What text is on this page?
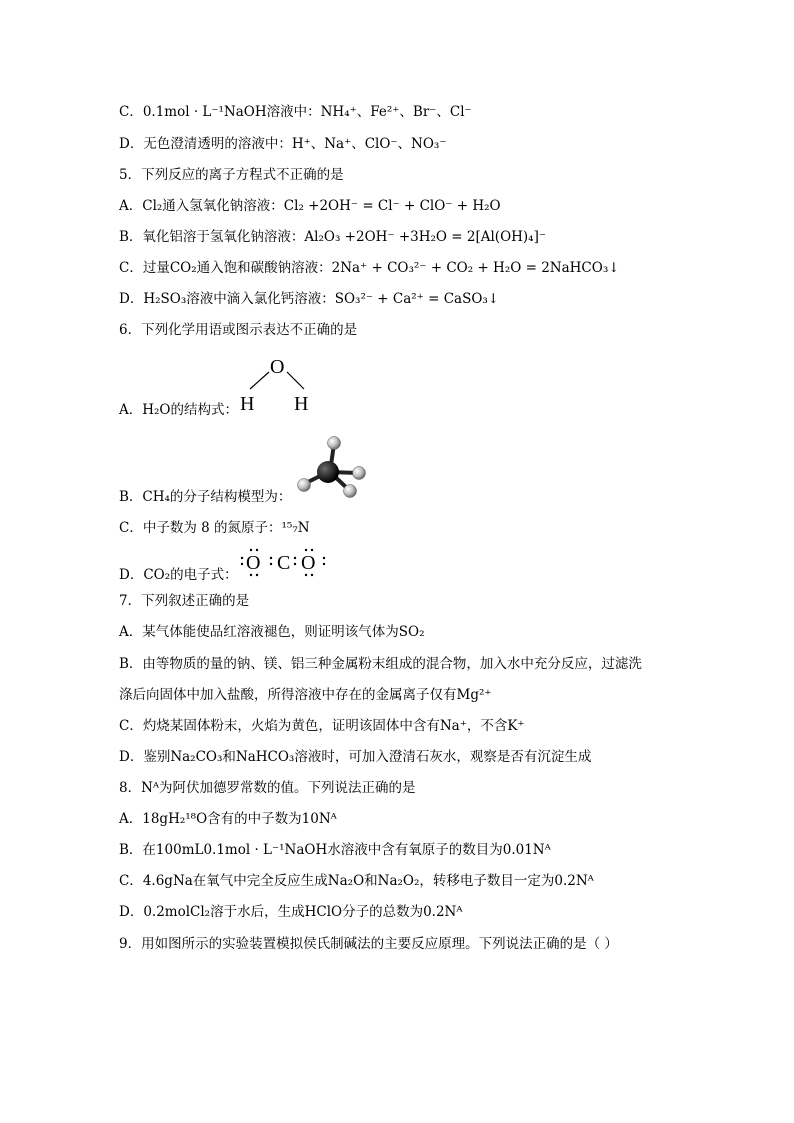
C．0.1mol · L⁻¹NaOH溶液中：NH₄⁺、Fe²⁺、Br⁻、Cl⁻
D．无色澄清透明的溶液中：H⁺、Na⁺、ClO⁻、NO₃⁻
5．下列反应的离子方程式不正确的是
A．Cl₂通入氢氧化钠溶液：Cl₂ +2OH⁻ = Cl⁻ + ClO⁻ + H₂O
B．氧化铝溶于氢氧化钠溶液：Al₂O₃ +2OH⁻ +3H₂O = 2[Al(OH)₄]⁻
C．过量CO₂通入饱和碳酸钠溶液：2Na⁺ + CO₃²⁻ + CO₂ + H₂O = 2NaHCO₃↓
D．H₂SO₃溶液中滴入氯化钙溶液：SO₃²⁻ + Ca²⁺ = CaSO₃↓
6．下列化学用语或图示表达不正确的是
A．H₂O的结构式：
O
H H
B．CH₄的分子结构模型为：
C．中子数为 8 的氮原子：¹⁵₇N
D．CO₂的电子式：
O C O
7．下列叙述正确的是
A．某气体能使品红溶液褪色，则证明该气体为SO₂
B．由等物质的量的钠、镁、铝三种金属粉末组成的混合物，加入水中充分反应，过滤洗
涤后向固体中加入盐酸，所得溶液中存在的金属离子仅有Mg²⁺
C．灼烧某固体粉末，火焰为黄色，证明该固体中含有Na⁺，不含K⁺
D．鉴别Na₂CO₃和NaHCO₃溶液时，可加入澄清石灰水，观察是否有沉淀生成
8．Nᴬ为阿伏加德罗常数的值。下列说法正确的是
A．18gH₂¹⁸O含有的中子数为10Nᴬ
B．在100mL0.1mol · L⁻¹NaOH水溶液中含有氧原子的数目为0.01Nᴬ
C．4.6gNa在氧气中完全反应生成Na₂O和Na₂O₂，转移电子数目一定为0.2Nᴬ
D．0.2molCl₂溶于水后，生成HClO分子的总数为0.2Nᴬ
9．用如图所示的实验装置模拟侯氏制碱法的主要反应原理。下列说法正确的是（ ）
